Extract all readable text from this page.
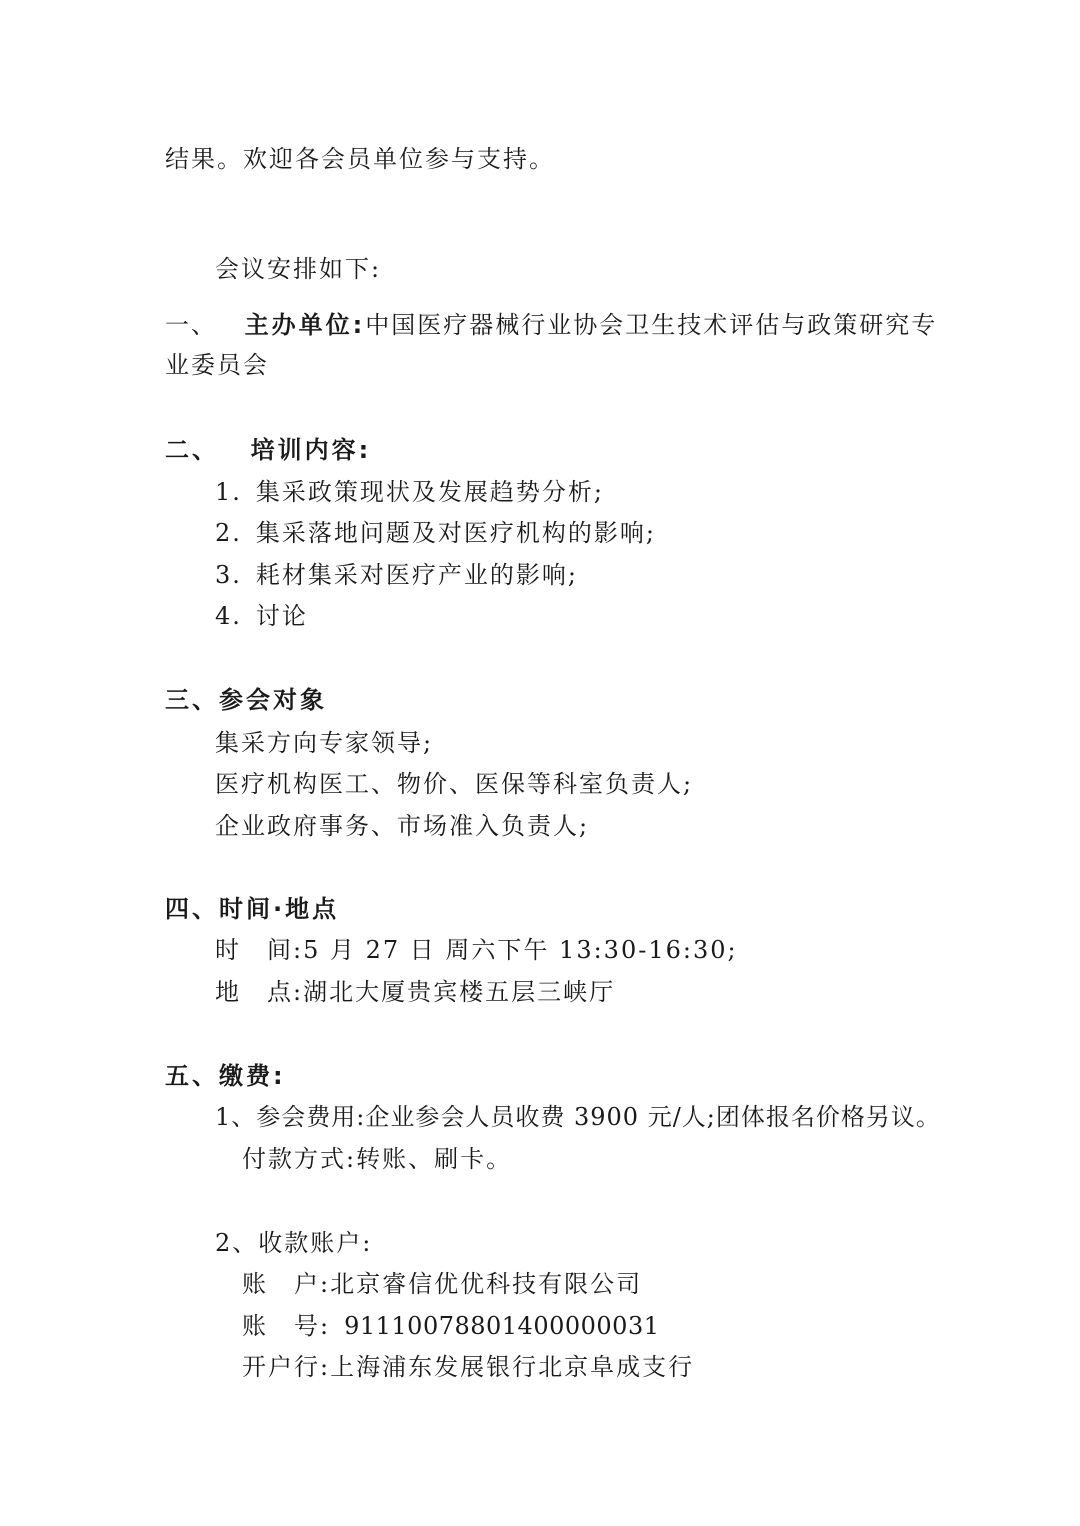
结果。欢迎各会员单位参与支持。
会议安排如下:
一、 主办单位:中国医疗器械行业协会卫生技术评估与政策研究专
业委员会
二、 培训内容:
1. 集采政策现状及发展趋势分析;
2. 集采落地问题及对医疗机构的影响;
3. 耗材集采对医疗产业的影响;
4. 讨论
三、参会对象
集采方向专家领导;
医疗机构医工、物价、医保等科室负责人;
企业政府事务、市场准入负责人;
四、时间·地点
时　间:5 月 27 日 周六下午 13:30-16:30;
地　点:湖北大厦贵宾楼五层三峡厅
五、缴费:
1、参会费用:企业参会人员收费 3900 元/人;团体报名价格另议。
付款方式:转账、刷卡。
2、收款账户:
账　户:北京睿信优优科技有限公司
账　号: 91110078801400000031
开户行:上海浦东发展银行北京阜成支行
